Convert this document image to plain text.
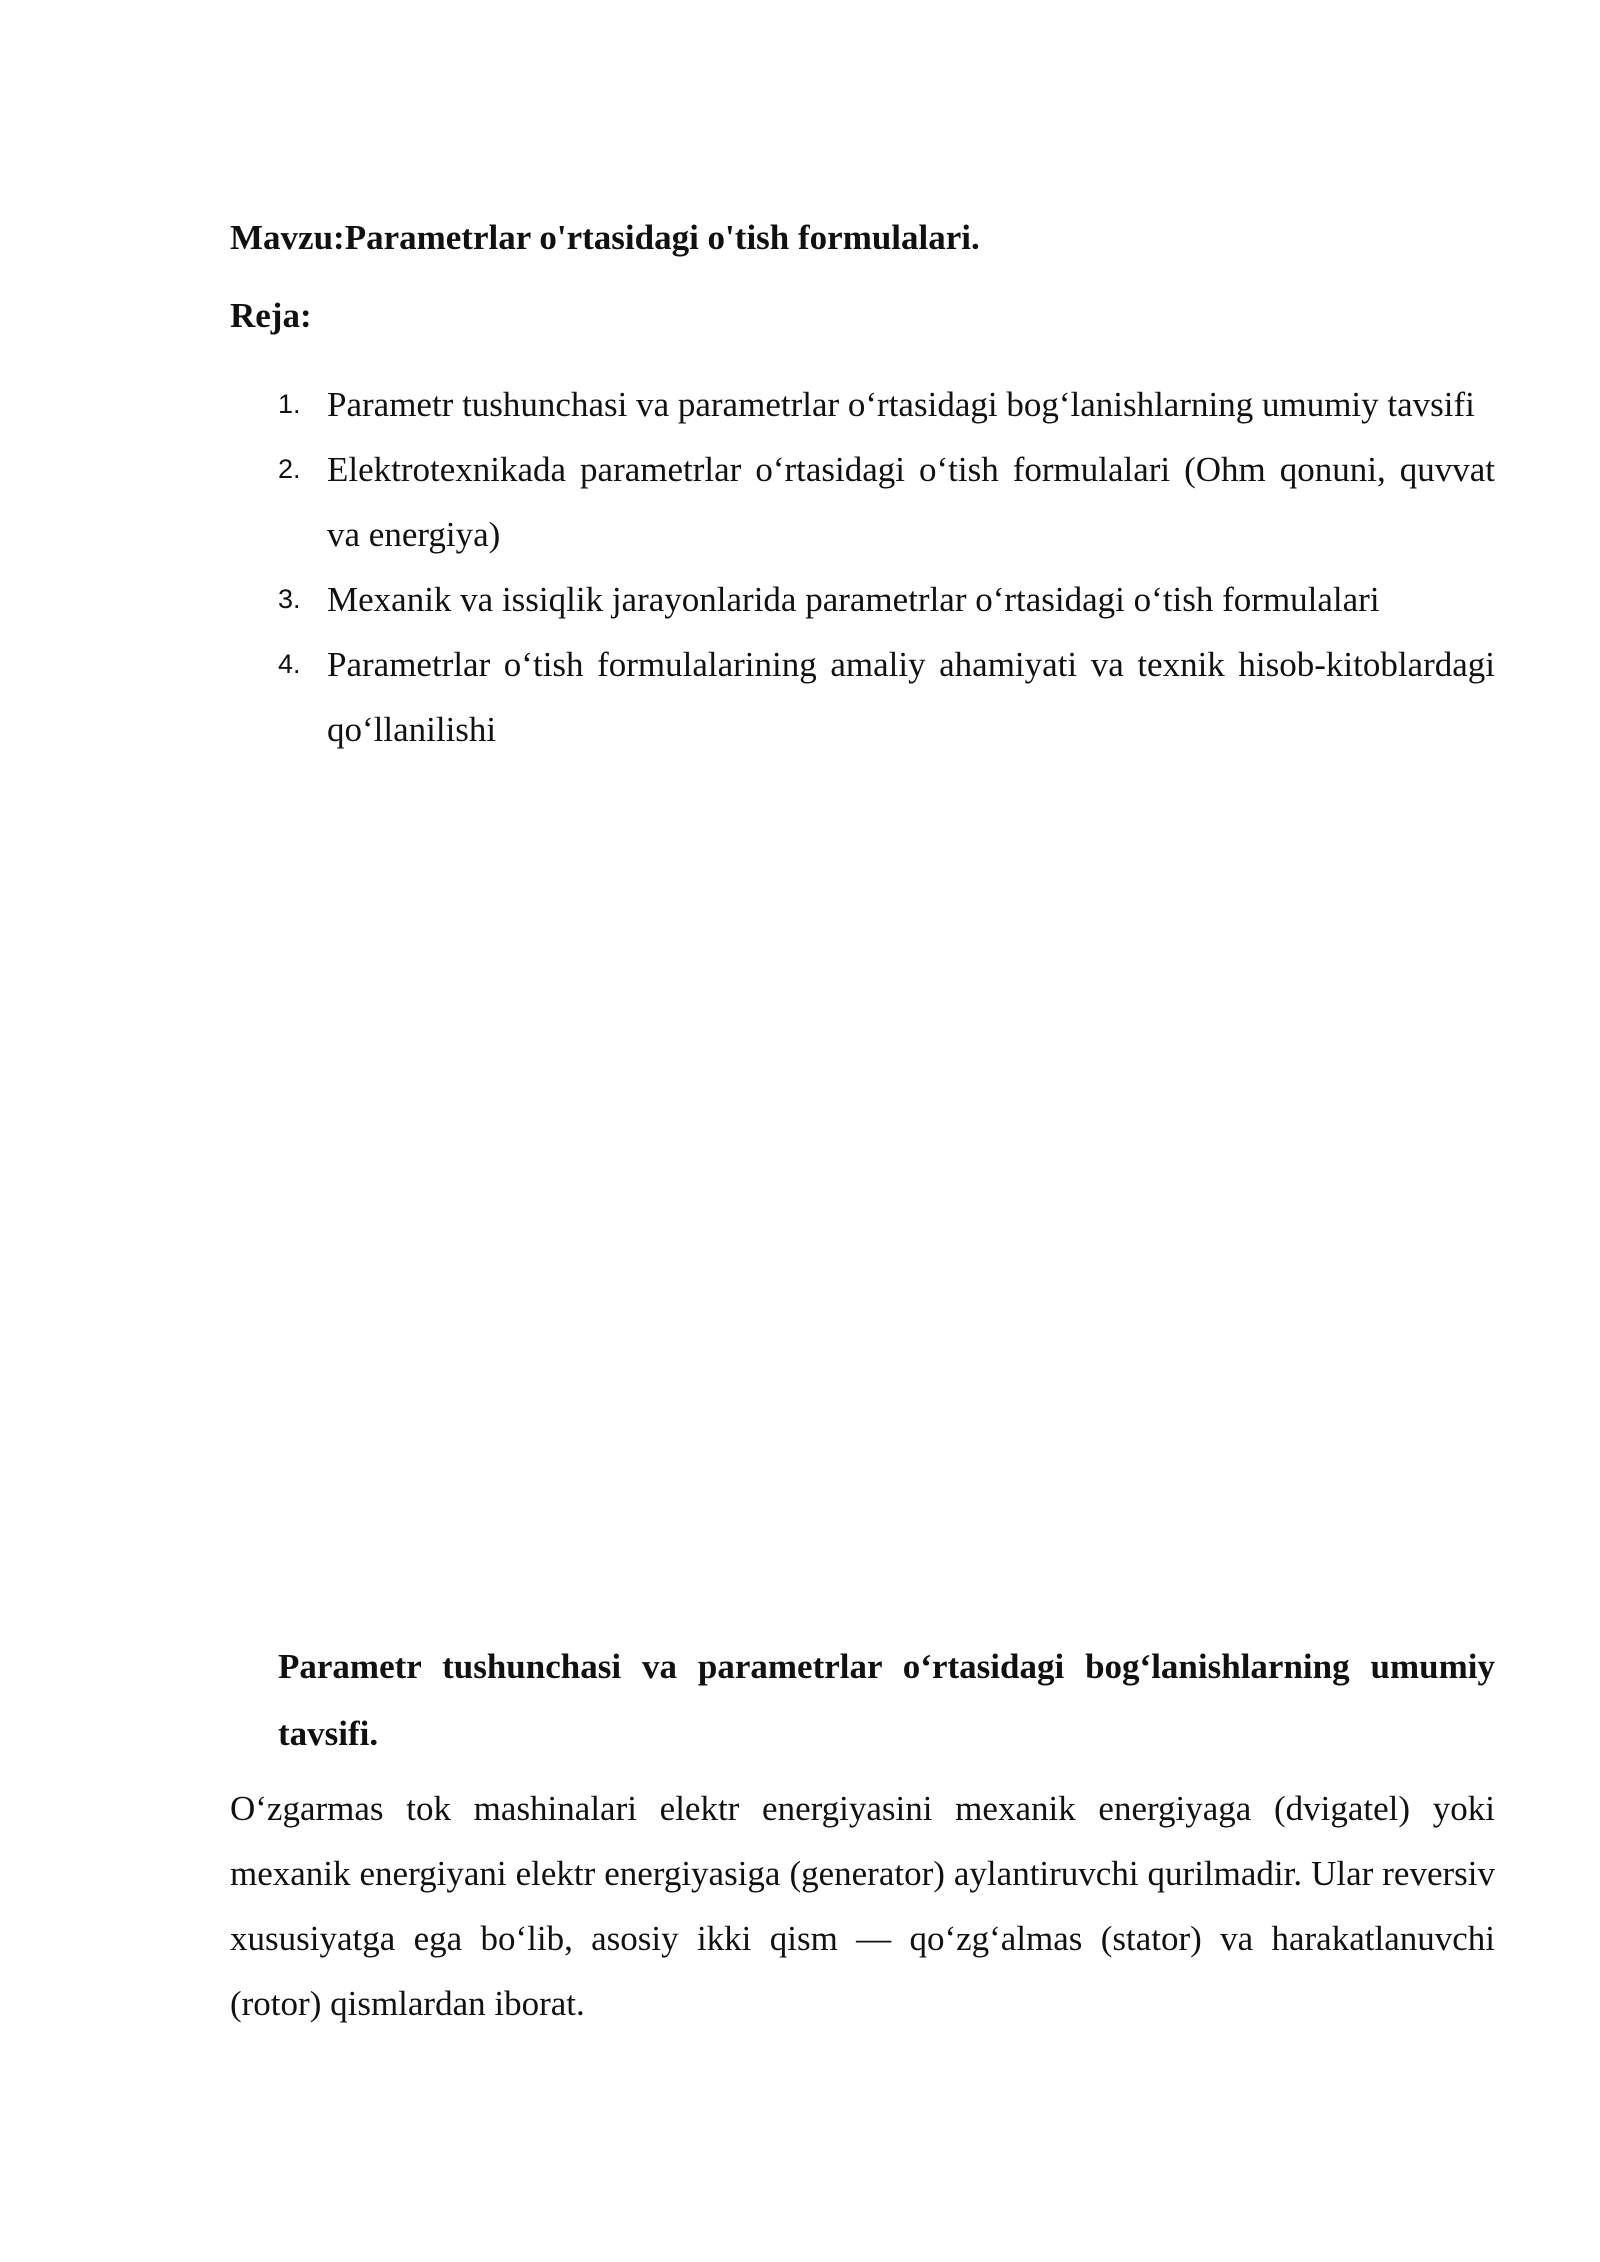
Mavzu:Parametrlar o'rtasidagi o'tish formulalari.
Reja:
1. Parametr tushunchasi va parametrlar o‘rtasidagi bog‘lanishlarning umumiy tavsifi
2. Elektrotexnikada parametrlar o‘rtasidagi o‘tish formulalari (Ohm qonuni, quvvat va energiya)
3. Mexanik va issiqlik jarayonlarida parametrlar o‘rtasidagi o‘tish formulalari
4. Parametrlar o‘tish formulalarining amaliy ahamiyati va texnik hisob-kitoblardagi qo‘llanilishi
Parametr tushunchasi va parametrlar o‘rtasidagi bog‘lanishlarning umumiy tavsifi.

O‘zgarmas tok mashinalari elektr energiyasini mexanik energiyaga (dvigatel) yoki mexanik energiyani elektr energiyasiga (generator) aylantiruvchi qurilmadir. Ular reversiv xususiyatga ega bo‘lib, asosiy ikki qism — qo‘zg‘almas (stator) va harakatlanuvchi (rotor) qismlardan iborat.
